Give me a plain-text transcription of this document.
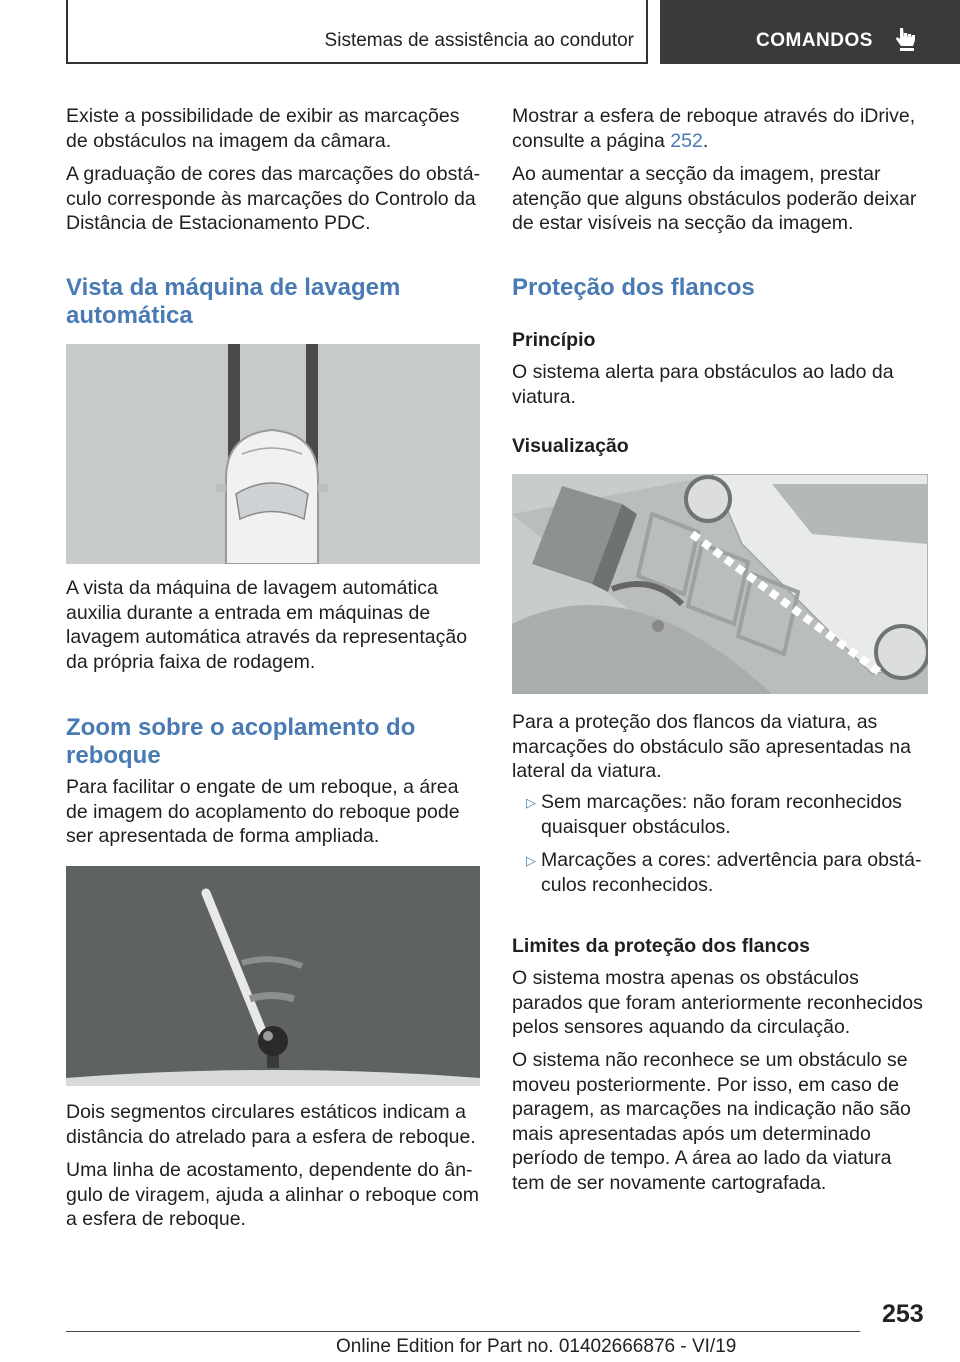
Sistemas de assistência ao condutor	COMANDOS

Existe a possibilidade de exibir as marcações de obstáculos na imagem da câmara.

A graduação de cores das marcações do obstáculo corresponde às marcações do Controlo da Distância de Estacionamento PDC.

Vista da máquina de lavagem automática

A vista da máquina de lavagem automática auxilia durante a entrada em máquinas de lavagem automática através da representação da própria faixa de rodagem.

Zoom sobre o acoplamento do reboque

Para facilitar o engate de um reboque, a área de imagem do acoplamento do reboque pode ser apresentada de forma ampliada.

Dois segmentos circulares estáticos indicam a distância do atrelado para a esfera de reboque.

Uma linha de acostamento, dependente do ângulo de viragem, ajuda a alinhar o reboque com a esfera de reboque.

Mostrar a esfera de reboque através do iDrive, consulte a página 252.

Ao aumentar a secção da imagem, prestar atenção que alguns obstáculos poderão deixar de estar visíveis na secção da imagem.

Proteção dos flancos
Princípio

O sistema alerta para obstáculos ao lado da viatura.

Visualização

Para a proteção dos flancos da viatura, as marcações do obstáculo são apresentadas na lateral da viatura.

▷ Sem marcações: não foram reconhecidos quaisquer obstáculos.

▷ Marcações a cores: advertência para obstáculos reconhecidos.

Limites da proteção dos flancos

O sistema mostra apenas os obstáculos parados que foram anteriormente reconhecidos pelos sensores aquando da circulação.

O sistema não reconhece se um obstáculo se moveu posteriormente. Por isso, em caso de paragem, as marcações na indicação não são mais apresentadas após um determinado período de tempo. A área ao lado da viatura tem de ser novamente cartografada.

253
Online Edition for Part no. 01402666876 - VI/19
